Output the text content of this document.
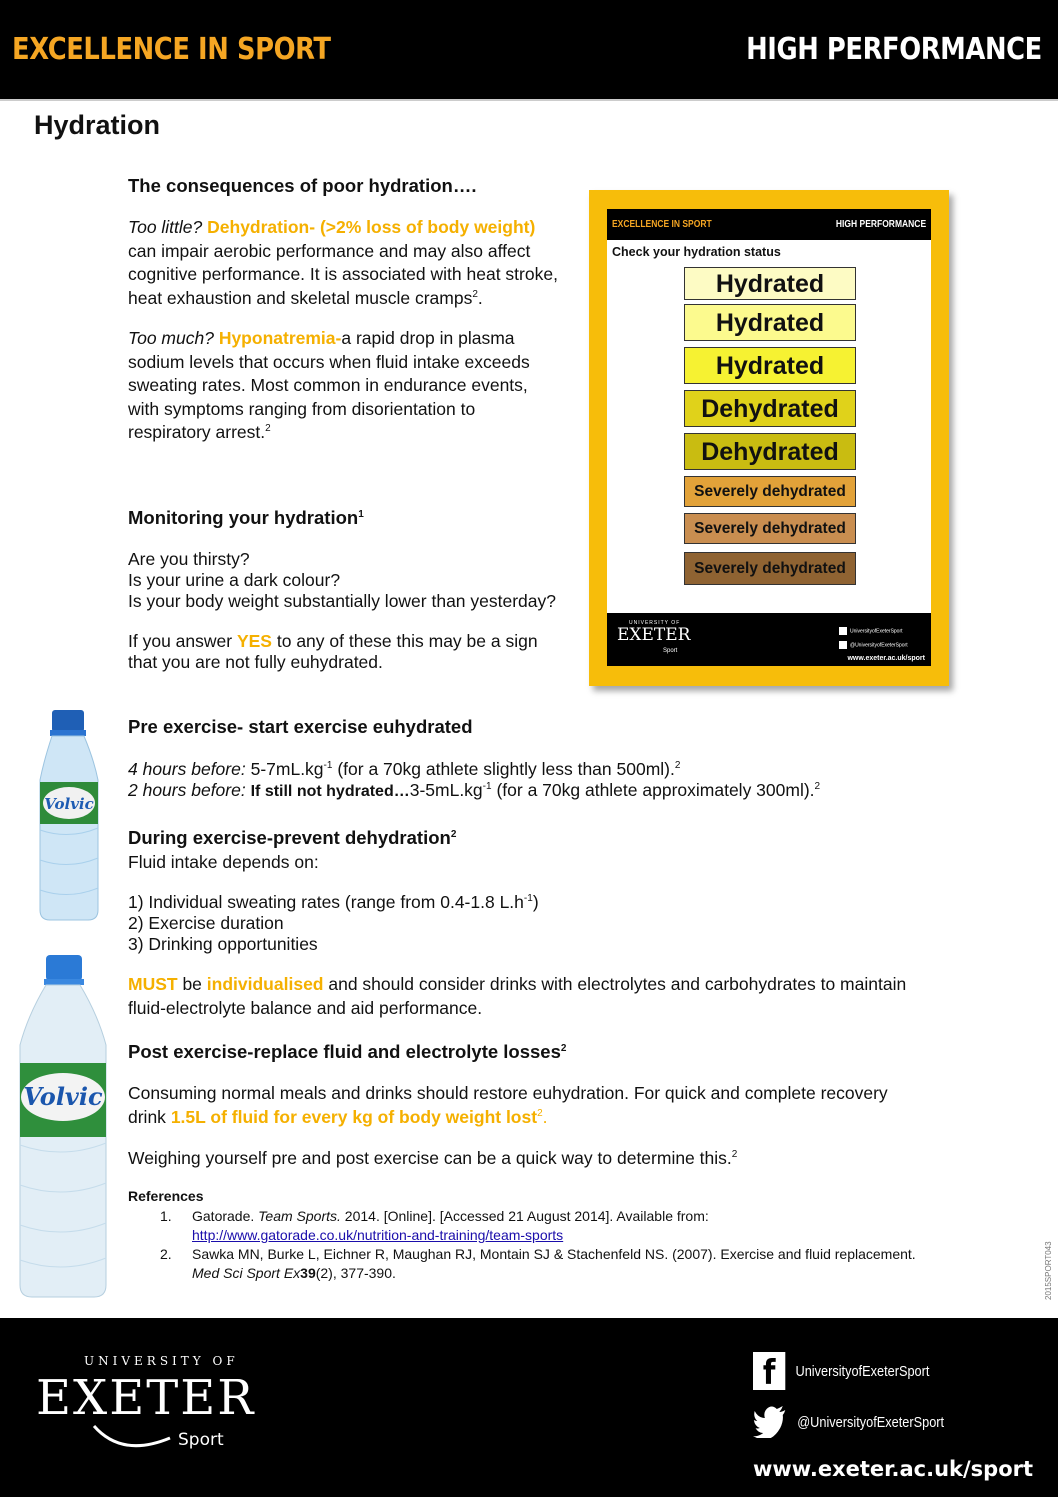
EXCELLENCE IN SPORT	HIGH PERFORMANCE
Hydration
The consequences of poor hydration….
Too little? Dehydration- (>2% loss of body weight)
can impair aerobic performance and may also affect
cognitive performance. It is associated with heat stroke,
heat exhaustion and skeletal muscle cramps$^2$.
Too much? Hyponatremia-a rapid drop in plasma
sodium levels that occurs when fluid intake exceeds
sweating rates. Most common in endurance events,
with symptoms ranging from disorientation to
respiratory arrest.$^2$
Monitoring your hydration$^1$
Are you thirsty?
Is your urine a dark colour?
Is your body weight substantially lower than yesterday?
If you answer YES to any of these this may be a sign
that you are not fully euhydrated.
EXCELLENCE IN SPORT	HIGH PERFORMANCE
Check your hydration status
Hydrated
Hydrated
Hydrated
Dehydrated
Dehydrated
Severely dehydrated
Severely dehydrated
Severely dehydrated
UNIVERSITY OF
EXETER
Sport
UniversityofExeterSport
@UniversityofExeterSport
www.exeter.ac.uk/sport
Volvic
Volvic
Pre exercise- start exercise euhydrated
4 hours before: $5-7mL.kg^{-1}$ (for a 70kg athlete slightly less than 500ml).$^2$
2 hours before: If still not $hydrated\dots 3-5mL.kg^{-1}$ (for a 70kg athlete approximately 300ml).$^2$
During exercise-prevent dehydration$^2$
Fluid intake depends on:
1) Individual sweating rates (range from 0.4-1.8 $L.h^{-1}$)
2) Exercise duration
3) Drinking opportunities
MUST be individualised and should consider drinks with electrolytes and carbohydrates to maintain
fluid-electrolyte balance and aid performance.
Post exercise-replace fluid and electrolyte losses$^2$
Consuming normal meals and drinks should restore euhydration. For quick and complete recovery
drink 1.5L of fluid for every kg of body weight lost$^2$.
Weighing yourself pre and post exercise can be a quick way to determine this.$^2$
References
1. Gatorade. Team Sports. 2014. [Online]. [Accessed 21 August 2014]. Available from:
http://www.gatorade.co.uk/nutrition-and-training/team-sports
2. Sawka MN, Burke L, Eichner R, Maughan RJ, Montain SJ & Stachenfeld NS. (2007). Exercise and fluid replacement.
Med Sci Sport Ex39(2), 377-390.	2015SPORT043
UNIVERSITY OF
EXETER
Sport
f	UniversityofExeterSport
@UniversityofExeterSport
www.exeter.ac.uk/sport
